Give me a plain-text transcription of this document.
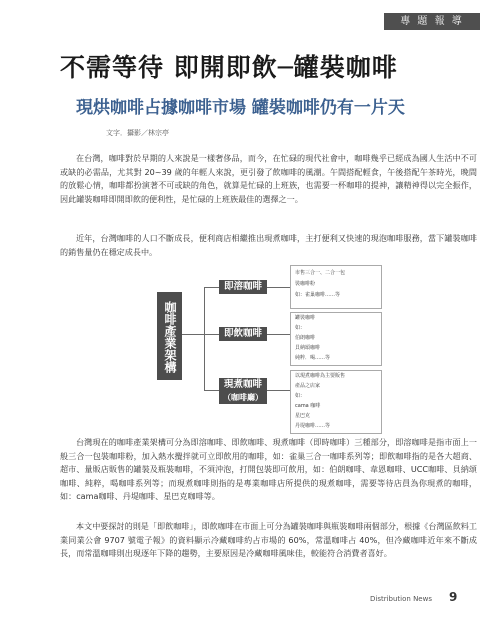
專 題 報 導
不需等待 即開即飲─罐裝咖啡
現烘咖啡占據咖啡市場 罐裝咖啡仍有一片天
文字．攝影／林宗亭

在台灣，咖啡對於早期的人來說是一樣奢侈品，而今，在忙碌的現代社會中，咖啡幾乎已經成為國人生活中不可或缺的必需品，尤其對 20~39 歲的年輕人來說，更引發了飲咖啡的風潮。午間搭配輕食，午後搭配午茶時光，晚間的放鬆心情，咖啡都扮演著不可或缺的角色，就算是忙碌的上班族，也需要一杯咖啡的提神，讓精神得以完全振作，因此罐裝咖啡即開即飲的便利性，是忙碌的上班族最佳的選擇之一。

近年，台灣咖啡的人口不斷成長，便利商店相繼推出現煮咖啡，主打便利又快速的現泡咖啡服務，當下罐裝咖啡的銷售量仍在穩定成長中。

咖啡產業架構
即溶咖啡
即飲咖啡
現煮咖啡
（咖啡廳）
市售三合一、二合一包
裝咖啡粉
如：雀巢咖啡……等
罐裝咖啡
如：
伯朗咖啡
貝納頌咖啡
純粹．喝……等
以現煮咖啡為主要販售
產品之店家
如：
cama 咖啡
星巴克
丹堤咖啡……等

台灣現在的咖啡產業架構可分為即溶咖啡、即飲咖啡、現煮咖啡（即時咖啡）三種部分，即溶咖啡是指市面上一般三合一包裝咖啡粉，加入熱水攪拌就可立即飲用的咖啡，如：雀巢三合一咖啡系列等；即飲咖啡指的是各大超商、超市、量販店販售的罐裝及瓶裝咖啡，不須沖泡，打開包裝即可飲用，如：伯朗咖啡、韋恩咖啡、UCC咖啡、貝納頌咖啡、純粹，喝咖啡系列等；而現煮咖啡則指的是專業咖啡店所提供的現煮咖啡，需要等待店員為你現煮的咖啡，如：cama咖啡、丹堤咖啡、星巴克咖啡等。

本文中要探討的則是「即飲咖啡」，即飲咖啡在市面上可分為罐裝咖啡與瓶裝咖啡兩個部分，根據《台灣區飲料工業同業公會 9707 號電子報》的資料顯示冷藏咖啡約占市場的 60%，常溫咖啡占 40%，但冷藏咖啡近年來不斷成長，而常溫咖啡則出現逐年下降的趨勢，主要原因是冷藏咖啡風味佳，較能符合消費者喜好。

Distribution News 9
